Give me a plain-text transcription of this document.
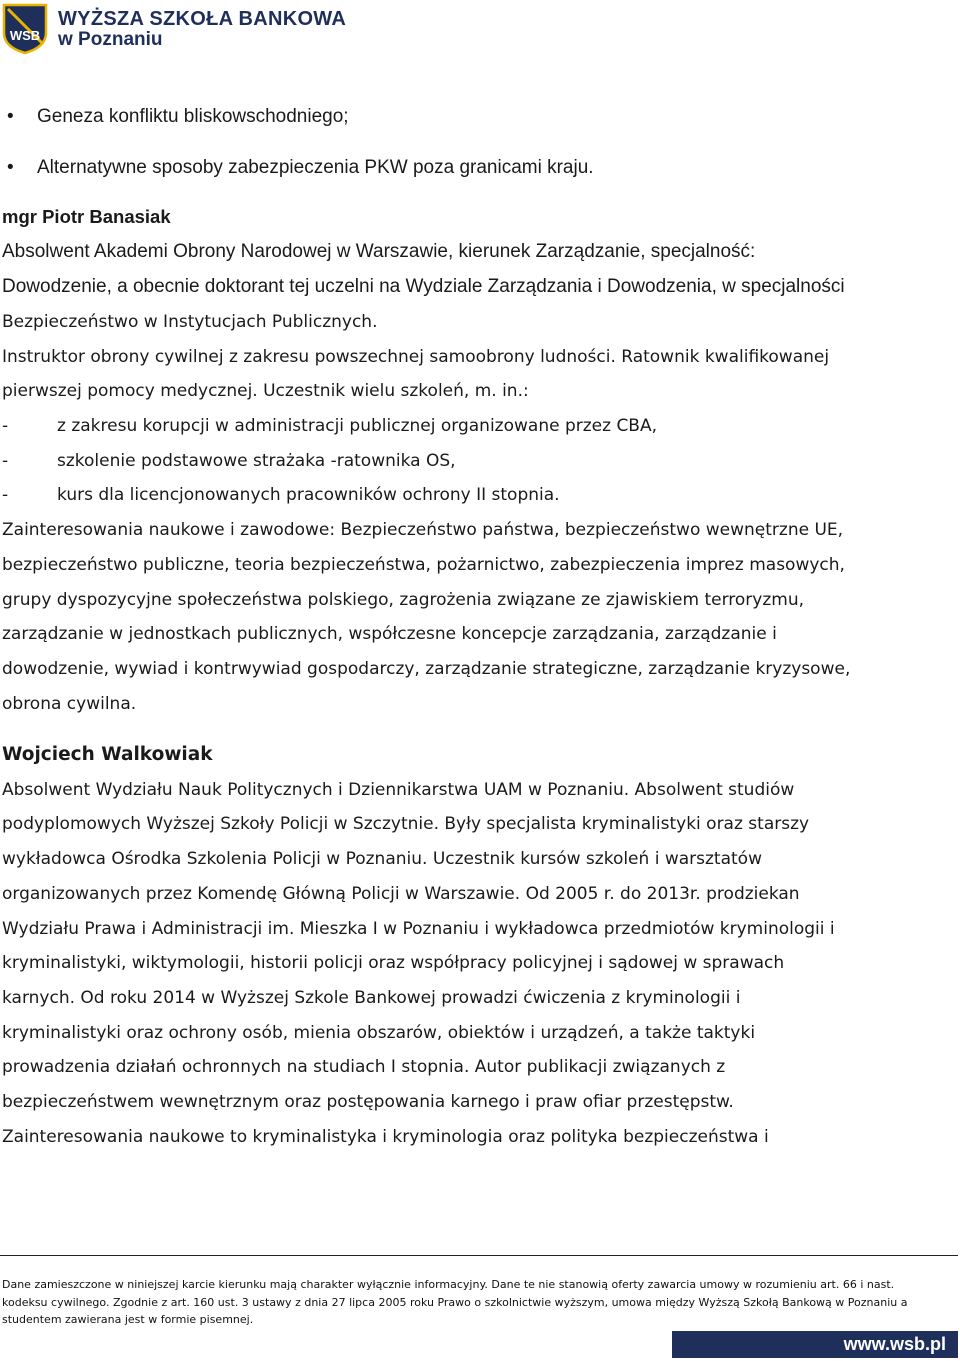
WSB
WYŻSZA SZKOŁA BANKOWA
w Poznaniu
• Geneza konfliktu bliskowschodniego;
• Alternatywne sposoby zabezpieczenia PKW poza granicami kraju.
mgr Piotr Banasiak
Absolwent Akademi Obrony Narodowej w Warszawie, kierunek Zarządzanie, specjalność:
Dowodzenie, a obecnie doktorant tej uczelni na Wydziale Zarządzania i Dowodzenia, w specjalności
Bezpieczeństwo w Instytucjach Publicznych.
Instruktor obrony cywilnej z zakresu powszechnej samoobrony ludności. Ratownik kwalifikowanej
pierwszej pomocy medycznej. Uczestnik wielu szkoleń, m. in.:
-	z zakresu korupcji w administracji publicznej organizowane przez CBA,
-	szkolenie podstawowe strażaka -ratownika OS,
-	kurs dla licencjonowanych pracowników ochrony II stopnia.
Zainteresowania naukowe i zawodowe: Bezpieczeństwo państwa, bezpieczeństwo wewnętrzne UE,
bezpieczeństwo publiczne, teoria bezpieczeństwa, pożarnictwo, zabezpieczenia imprez masowych,
grupy dyspozycyjne społeczeństwa polskiego, zagrożenia związane ze zjawiskiem terroryzmu,
zarządzanie w jednostkach publicznych, współczesne koncepcje zarządzania, zarządzanie i
dowodzenie, wywiad i kontrwywiad gospodarczy, zarządzanie strategiczne, zarządzanie kryzysowe,
obrona cywilna.
Wojciech Walkowiak
Absolwent Wydziału Nauk Politycznych i Dziennikarstwa UAM w Poznaniu. Absolwent studiów
podyplomowych Wyższej Szkoły Policji w Szczytnie. Były specjalista kryminalistyki oraz starszy
wykładowca Ośrodka Szkolenia Policji w Poznaniu. Uczestnik kursów szkoleń i warsztatów
organizowanych przez Komendę Główną Policji w Warszawie. Od 2005 r. do 2013r. prodziekan
Wydziału Prawa i Administracji im. Mieszka I w Poznaniu i wykładowca przedmiotów kryminologii i
kryminalistyki, wiktymologii, historii policji oraz współpracy policyjnej i sądowej w sprawach
karnych. Od roku 2014 w Wyższej Szkole Bankowej prowadzi ćwiczenia z kryminologii i
kryminalistyki oraz ochrony osób, mienia obszarów, obiektów i urządzeń, a także taktyki
prowadzenia działań ochronnych na studiach I stopnia. Autor publikacji związanych z
bezpieczeństwem wewnętrznym oraz postępowania karnego i praw ofiar przestępstw.
Zainteresowania naukowe to kryminalistyka i kryminologia oraz polityka bezpieczeństwa i
Dane zamieszczone w niniejszej karcie kierunku mają charakter wyłącznie informacyjny. Dane te nie stanowią oferty zawarcia umowy w rozumieniu art. 66 i nast.
kodeksu cywilnego. Zgodnie z art. 160 ust. 3 ustawy z dnia 27 lipca 2005 roku Prawo o szkolnictwie wyższym, umowa między Wyższą Szkołą Bankową w Poznaniu a
studentem zawierana jest w formie pisemnej.
www.wsb.pl
